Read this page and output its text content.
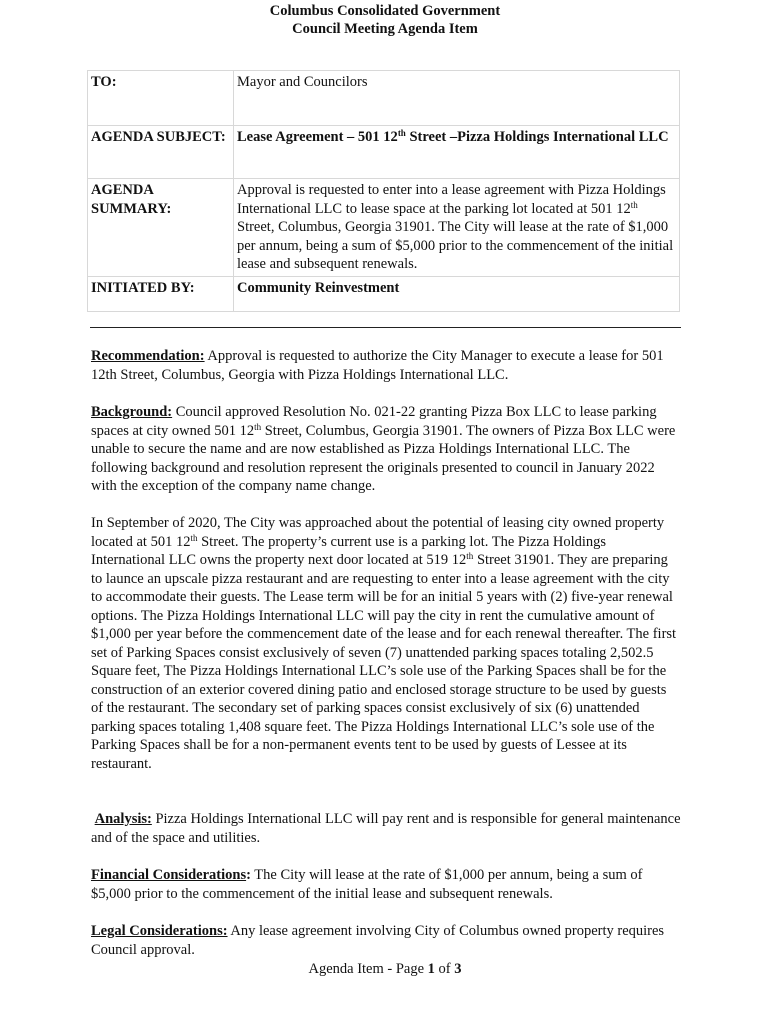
Columbus Consolidated Government
Council Meeting Agenda Item
TO:	Mayor and Councilors
AGENDA SUBJECT:	Lease Agreement – 501 12th Street –Pizza Holdings International LLC
AGENDA SUMMARY:	Approval is requested to enter into a lease agreement with Pizza Holdings International LLC to lease space at the parking lot located at 501 12th Street, Columbus, Georgia 31901. The City will lease at the rate of $1,000 per annum, being a sum of $5,000 prior to the commencement of the initial lease and subsequent renewals.
INITIATED BY:	Community Reinvestment

Recommendation: Approval is requested to authorize the City Manager to execute a lease for 501 12th Street, Columbus, Georgia with Pizza Holdings International LLC.

Background: Council approved Resolution No. 021-22 granting Pizza Box LLC to lease parking spaces at city owned 501 12th Street, Columbus, Georgia 31901. The owners of Pizza Box LLC were unable to secure the name and are now established as Pizza Holdings International LLC. The following background and resolution represent the originals presented to council in January 2022 with the exception of the company name change.

In September of 2020, The City was approached about the potential of leasing city owned property located at 501 12th Street. The property’s current use is a parking lot. The Pizza Holdings International LLC owns the property next door located at 519 12th Street 31901. They are preparing to launce an upscale pizza restaurant and are requesting to enter into a lease agreement with the city to accommodate their guests. The Lease term will be for an initial 5 years with (2) five-year renewal options. The Pizza Holdings International LLC will pay the city in rent the cumulative amount of $1,000 per year before the commencement date of the lease and for each renewal thereafter. The first set of Parking Spaces consist exclusively of seven (7) unattended parking spaces totaling 2,502.5 Square feet, The Pizza Holdings International LLC’s sole use of the Parking Spaces shall be for the construction of an exterior covered dining patio and enclosed storage structure to be used by guests of the restaurant. The secondary set of parking spaces consist exclusively of six (6) unattended parking spaces totaling 1,408 square feet. The Pizza Holdings International LLC’s sole use of the Parking Spaces shall be for a non-permanent events tent to be used by guests of Lessee at its restaurant.

Analysis: Pizza Holdings International LLC will pay rent and is responsible for general maintenance and of the space and utilities.

Financial Considerations: The City will lease at the rate of $1,000 per annum, being a sum of $5,000 prior to the commencement of the initial lease and subsequent renewals.

Legal Considerations: Any lease agreement involving City of Columbus owned property requires Council approval.

Agenda Item - Page 1 of 3
